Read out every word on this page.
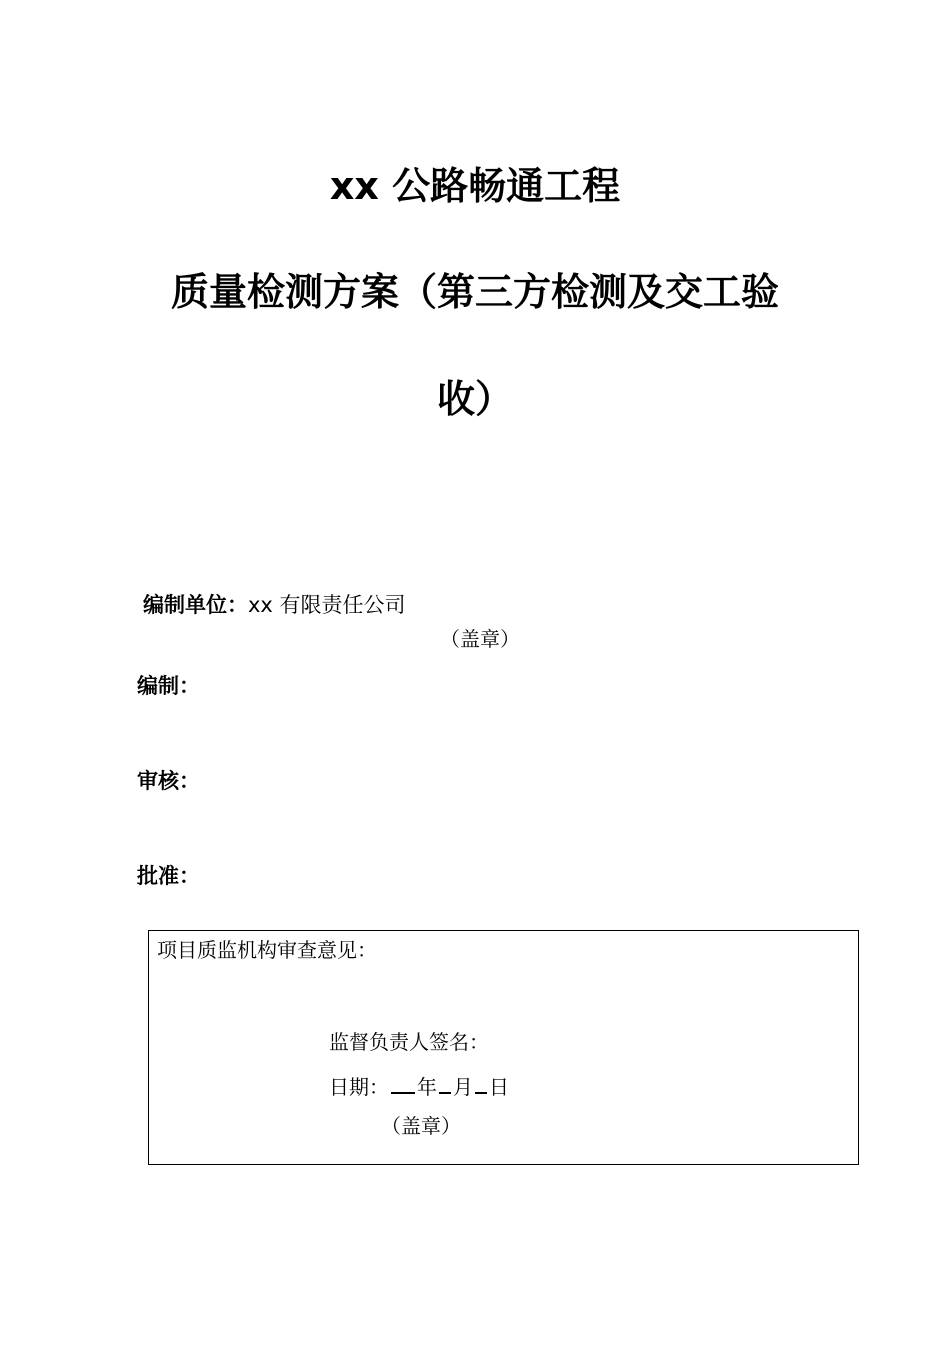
xx 公路畅通工程
质量检测方案（第三方检测及交工验
收）
编制单位：xx 有限责任公司
（盖章）
编制：
审核：
批准：
项目质监机构审查意见：
监督负责人签名：
日期： 年 月 日
（盖章）
